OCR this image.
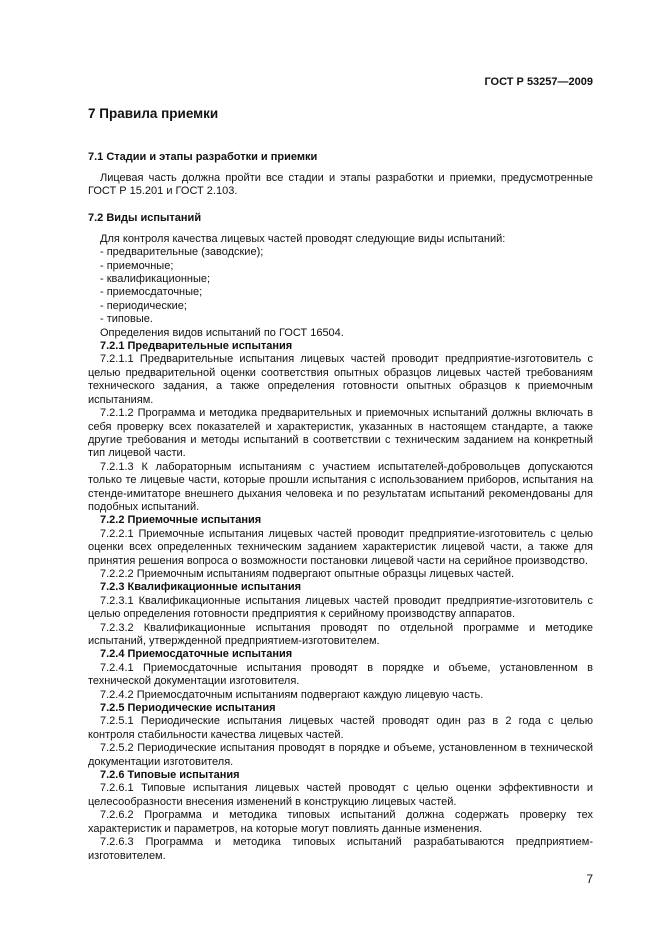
ГОСТ Р 53257—2009
7 Правила приемки
7.1 Стадии и этапы разработки и приемки

Лицевая часть должна пройти все стадии и этапы разработки и приемки, предусмотренные ГОСТ Р 15.201 и ГОСТ 2.103.

7.2 Виды испытаний

Для контроля качества лицевых частей проводят следующие виды испытаний:

- предварительные (заводские);

- приемочные;

- квалификационные;

- приемосдаточные;

- периодические;

- типовые.

Определения видов испытаний по ГОСТ 16504.

7.2.1 Предварительные испытания

7.2.1.1 Предварительные испытания лицевых частей проводит предприятие-изготовитель с целью предварительной оценки соответствия опытных образцов лицевых частей требованиям технического задания, а также определения готовности опытных образцов к приемочным испытаниям.

7.2.1.2 Программа и методика предварительных и приемочных испытаний должны включать в себя проверку всех показателей и характеристик, указанных в настоящем стандарте, а также другие требования и методы испытаний в соответствии с техническим заданием на конкретный тип лицевой части.

7.2.1.3 К лабораторным испытаниям с участием испытателей-добровольцев допускаются только те лицевые части, которые прошли испытания с использованием приборов, испытания на стенде-имитаторе внешнего дыхания человека и по результатам испытаний рекомендованы для подобных испытаний.

7.2.2 Приемочные испытания

7.2.2.1 Приемочные испытания лицевых частей проводит предприятие-изготовитель с целью оценки всех определенных техническим заданием характеристик лицевой части, а также для принятия решения вопроса о возможности постановки лицевой части на серийное производство.

7.2.2.2 Приемочным испытаниям подвергают опытные образцы лицевых частей.

7.2.3 Квалификационные испытания

7.2.3.1 Квалификационные испытания лицевых частей проводит предприятие-изготовитель с целью определения готовности предприятия к серийному производству аппаратов.

7.2.3.2 Квалификационные испытания проводят по отдельной программе и методике испытаний, утвержденной предприятием-изготовителем.

7.2.4 Приемосдаточные испытания

7.2.4.1 Приемосдаточные испытания проводят в порядке и объеме, установленном в технической документации изготовителя.

7.2.4.2 Приемосдаточным испытаниям подвергают каждую лицевую часть.

7.2.5 Периодические испытания

7.2.5.1 Периодические испытания лицевых частей проводят один раз в 2 года с целью контроля стабильности качества лицевых частей.

7.2.5.2 Периодические испытания проводят в порядке и объеме, установленном в технической документации изготовителя.

7.2.6 Типовые испытания

7.2.6.1 Типовые испытания лицевых частей проводят с целью оценки эффективности и целесообразности внесения изменений в конструкцию лицевых частей.

7.2.6.2 Программа и методика типовых испытаний должна содержать проверку тех характеристик и параметров, на которые могут повлиять данные изменения.

7.2.6.3 Программа и методика типовых испытаний разрабатываются предприятием-изготовителем.

7
